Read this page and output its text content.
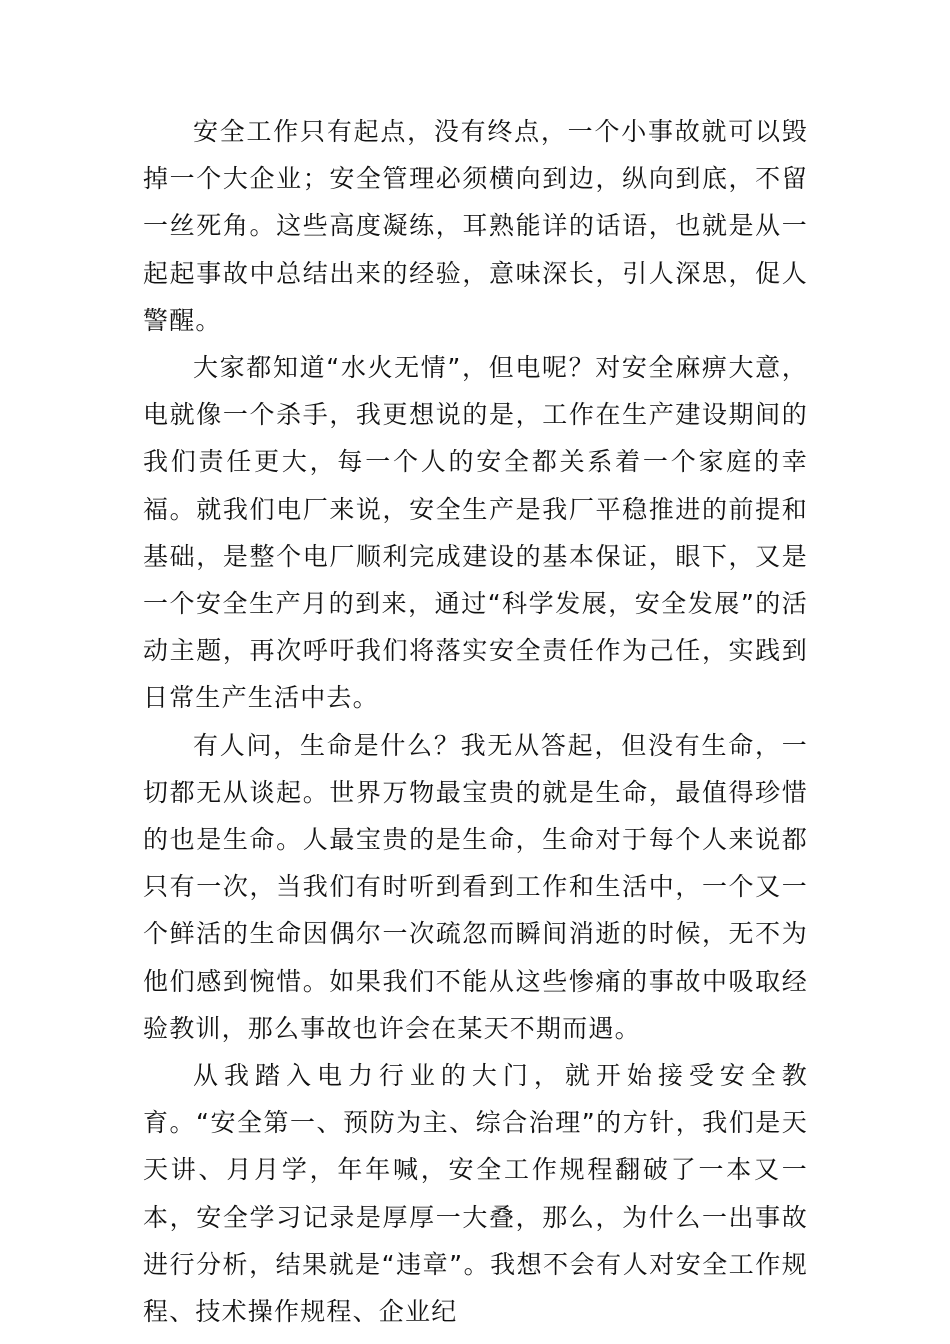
安全工作只有起点，没有终点，一个小事故就可以毁掉一个大企业；安全管理必须横向到边，纵向到底，不留一丝死角。这些高度凝练，耳熟能详的话语，也就是从一起起事故中总结出来的经验，意味深长，引人深思，促人警醒。

大家都知道“水火无情”，但电呢？对安全麻痹大意，电就像一个杀手，我更想说的是，工作在生产建设期间的我们责任更大，每一个人的安全都关系着一个家庭的幸福。就我们电厂来说，安全生产是我厂平稳推进的前提和基础，是整个电厂顺利完成建设的基本保证，眼下，又是一个安全生产月的到来，通过“科学发展，安全发展”的活动主题，再次呼吁我们将落实安全责任作为己任，实践到日常生产生活中去。

有人问，生命是什么？我无从答起，但没有生命，一切都无从谈起。世界万物最宝贵的就是生命，最值得珍惜的也是生命。人最宝贵的是生命，生命对于每个人来说都只有一次，当我们有时听到看到工作和生活中，一个又一个鲜活的生命因偶尔一次疏忽而瞬间消逝的时候，无不为他们感到惋惜。如果我们不能从这些惨痛的事故中吸取经验教训，那么事故也许会在某天不期而遇。

从我踏入电力行业的大门，就开始接受安全教育。“安全第一、预防为主、综合治理”的方针，我们是天天讲、月月学，年年喊，安全工作规程翻破了一本又一本，安全学习记录是厚厚一大叠，那么，为什么一出事故进行分析，结果就是“违章”。我想不会有人对安全工作规程、技术操作规程、企业纪
